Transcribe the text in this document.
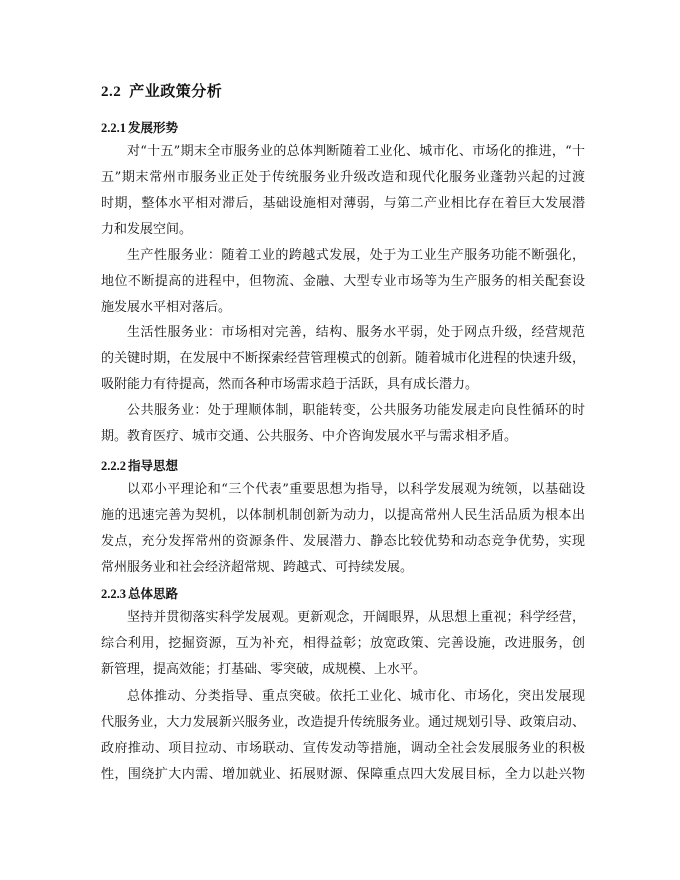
2.2 产业政策分析
2.2.1 发展形势
对“十五”期末全市服务业的总体判断随着工业化、城市化、市场化的推进，“十
五”期末常州市服务业正处于传统服务业升级改造和现代化服务业蓬勃兴起的过渡
时期，整体水平相对滞后，基础设施相对薄弱，与第二产业相比存在着巨大发展潜
力和发展空间。
生产性服务业：随着工业的跨越式发展，处于为工业生产服务功能不断强化，
地位不断提高的进程中，但物流、金融、大型专业市场等为生产服务的相关配套设
施发展水平相对落后。
生活性服务业：市场相对完善，结构、服务水平弱，处于网点升级，经营规范
的关键时期，在发展中不断探索经营管理模式的创新。随着城市化进程的快速升级，
吸附能力有待提高，然而各种市场需求趋于活跃，具有成长潜力。
公共服务业：处于理顺体制，职能转变，公共服务功能发展走向良性循环的时
期。教育医疗、城市交通、公共服务、中介咨询发展水平与需求相矛盾。
2.2.2 指导思想
以邓小平理论和“三个代表”重要思想为指导，以科学发展观为统领，以基础设
施的迅速完善为契机，以体制机制创新为动力，以提高常州人民生活品质为根本出
发点，充分发挥常州的资源条件、发展潜力、静态比较优势和动态竞争优势，实现
常州服务业和社会经济超常规、跨越式、可持续发展。
2.2.3 总体思路
坚持并贯彻落实科学发展观。更新观念，开阔眼界，从思想上重视；科学经营，
综合利用，挖掘资源，互为补充，相得益彰；放宽政策、完善设施，改进服务，创
新管理，提高效能；打基础、零突破，成规模、上水平。
总体推动、分类指导、重点突破。依托工业化、城市化、市场化，突出发展现
代服务业，大力发展新兴服务业，改造提升传统服务业。通过规划引导、政策启动、
政府推动、项目拉动、市场联动、宣传发动等措施，调动全社会发展服务业的积极
性，围绕扩大内需、增加就业、拓展财源、保障重点四大发展目标，全力以赴兴物
